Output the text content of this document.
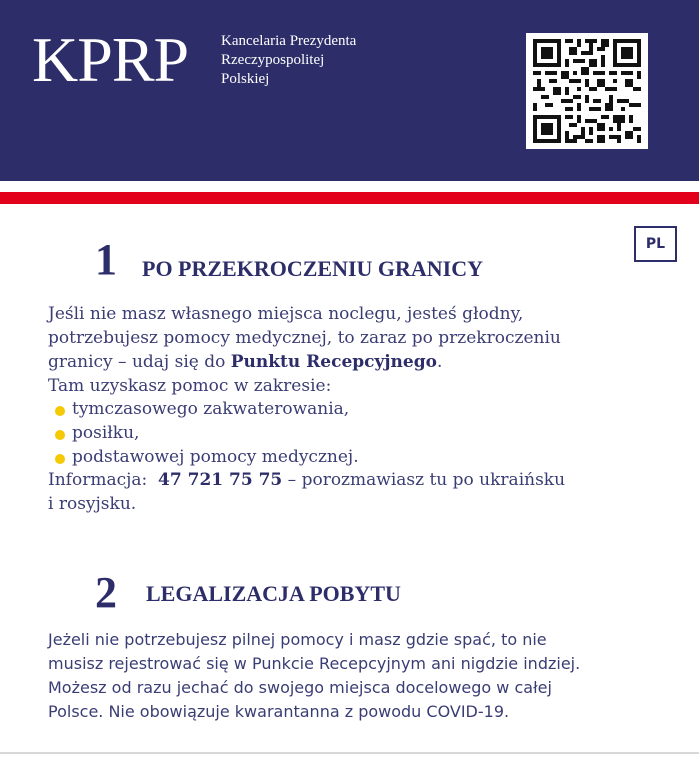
KPRP Kancelaria Prezydenta
Rzeczypospolitej
Polskiej
PL
1 PO PRZEKROCZENIU GRANICY
Jeśli nie masz własnego miejsca noclegu, jesteś głodny,
potrzebujesz pomocy medycznej, to zaraz po przekroczeniu
granicy – udaj się do Punktu Recepcyjnego.
Tam uzyskasz pomoc w zakresie:
tymczasowego zakwaterowania,
posiłku,
podstawowej pomocy medycznej.
Informacja: 47 721 75 75 – porozmawiasz tu po ukraińsku
i rosyjsku.
2 LEGALIZACJA POBYTU
Jeżeli nie potrzebujesz pilnej pomocy i masz gdzie spać, to nie
musisz rejestrować się w Punkcie Recepcyjnym ani nigdzie indziej.
Możesz od razu jechać do swojego miejsca docelowego w całej
Polsce. Nie obowiązuje kwarantanna z powodu COVID-19.
